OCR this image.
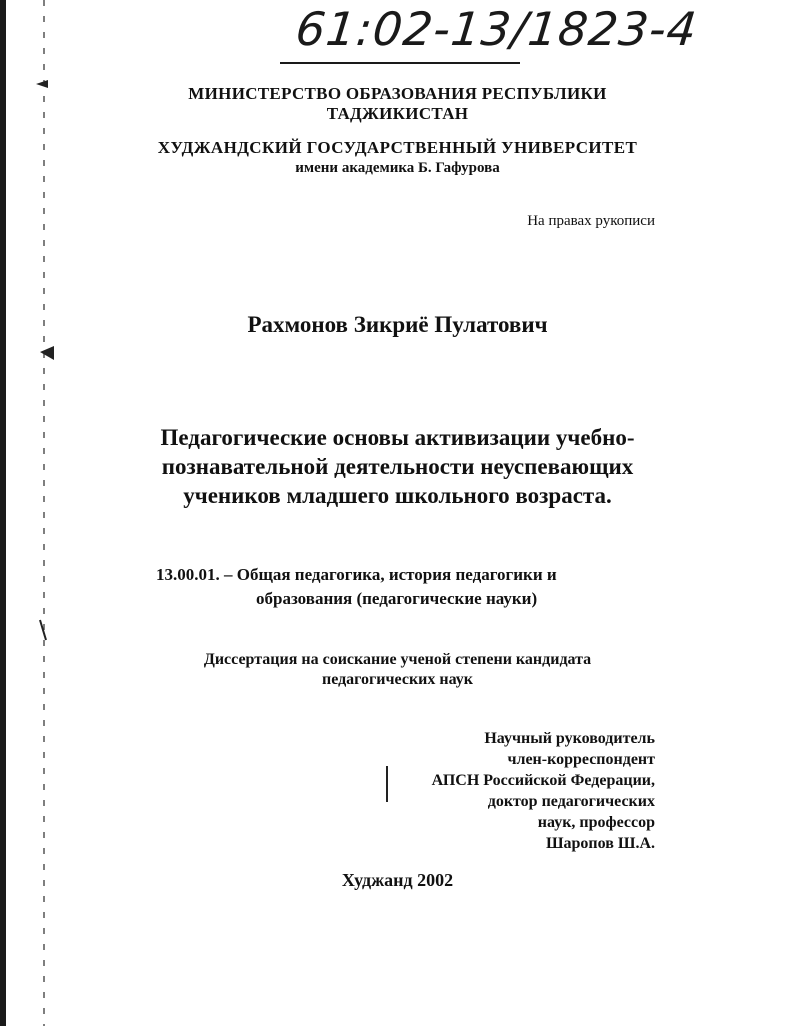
61:02-13/1823-4
МИНИСТЕРСТВО ОБРАЗОВАНИЯ РЕСПУБЛИКИ
ТАДЖИКИСТАН
ХУДЖАНДСКИЙ ГОСУДАРСТВЕННЫЙ УНИВЕРСИТЕТ
имени академика Б. Гафурова
На правах рукописи
Рахмонов Зикриё Пулатович
Педагогические основы активизации учебно-
познавательной деятельности неуспевающих
учеников младшего школьного возраста.
13.00.01. – Общая педагогика, история педагогики и
образования (педагогические науки)
Диссертация на соискание ученой степени кандидата
педагогических наук
Научный руководитель
член-корреспондент
АПСН Российской Федерации,
доктор педагогических
наук, профессор
Шаропов Ш.А.
Худжанд 2002
